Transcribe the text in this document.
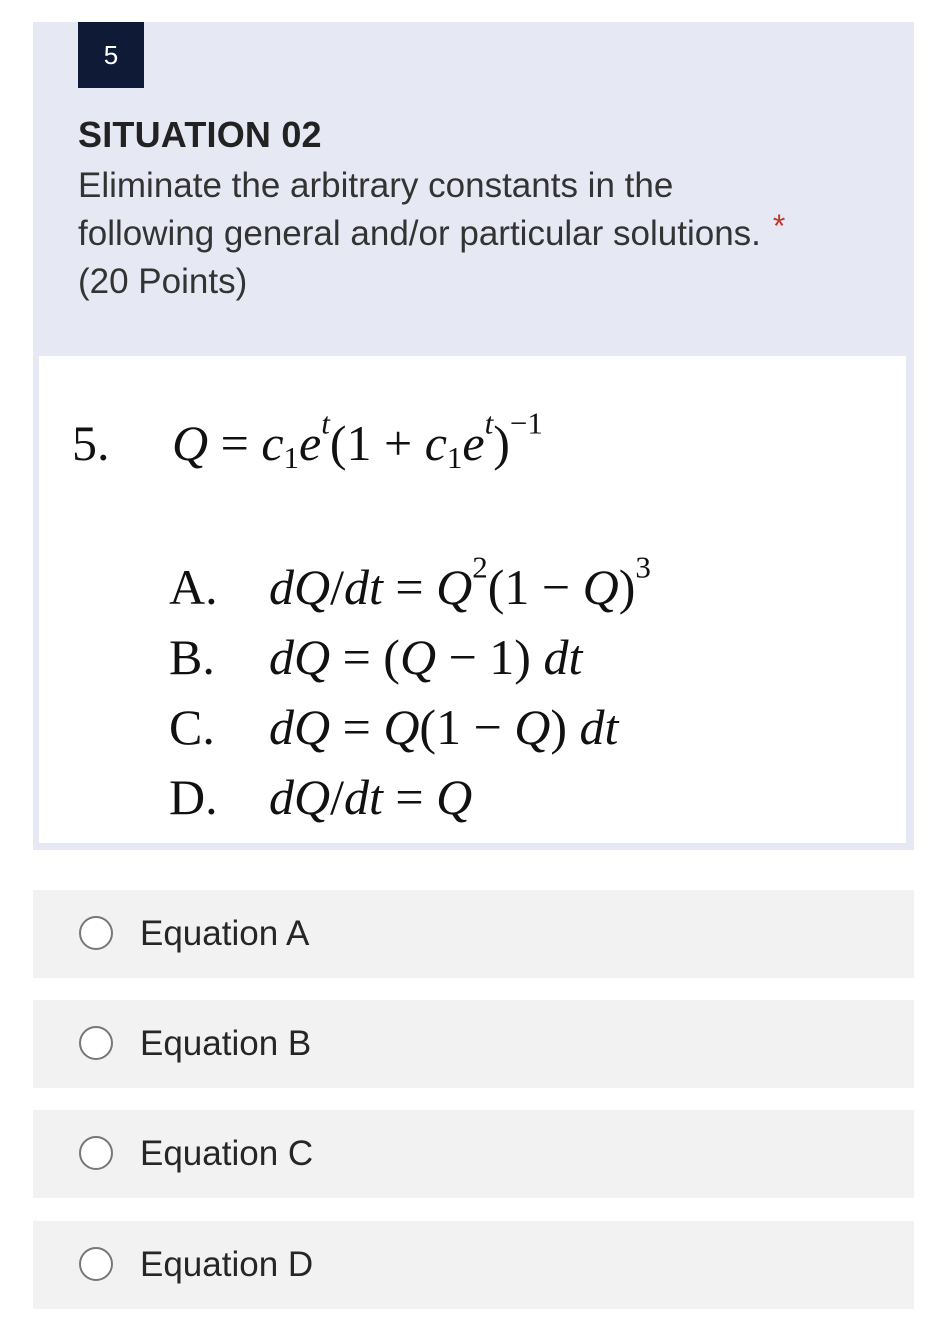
5
SITUATION 02
Eliminate the arbitrary constants in the
following general and/or particular solutions. *
(20 Points)
5. $Q = c_1e^t(1 + c_1e^t)^{-1}$
A. $dQ/dt = Q^2(1 - Q)^3$
B. dQ = (Q − 1) dt
C. dQ = Q(1 − Q) dt
D. dQ/dt = Q
Equation A
Equation B
Equation C
Equation D
